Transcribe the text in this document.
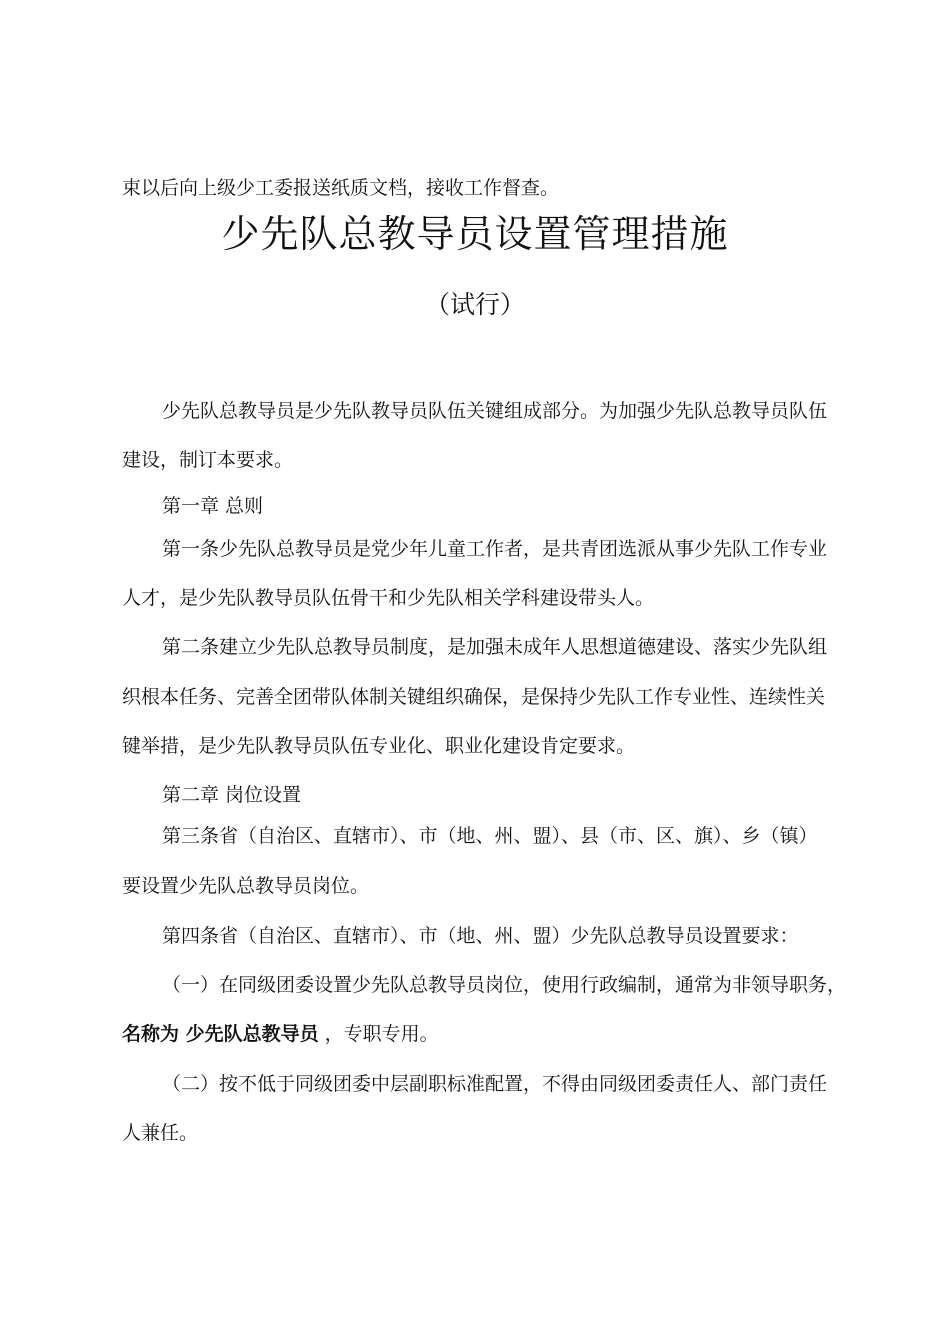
束以后向上级少工委报送纸质文档，接收工作督查。
少先队总教导员设置管理措施
（试行）
少先队总教导员是少先队教导员队伍关键组成部分。为加强少先队总教导员队伍
建设，制订本要求。
第一章 总则
第一条少先队总教导员是党少年儿童工作者，是共青团选派从事少先队工作专业
人才，是少先队教导员队伍骨干和少先队相关学科建设带头人。
第二条建立少先队总教导员制度，是加强未成年人思想道德建设、落实少先队组
织根本任务、完善全团带队体制关键组织确保，是保持少先队工作专业性、连续性关
键举措，是少先队教导员队伍专业化、职业化建设肯定要求。
第二章 岗位设置
第三条省（自治区、直辖市）、市（地、州、盟）、县（市、区、旗）、乡（镇）
要设置少先队总教导员岗位。
第四条省（自治区、直辖市）、市（地、州、盟）少先队总教导员设置要求：
（一）在同级团委设置少先队总教导员岗位，使用行政编制，通常为非领导职务，
名称为 少先队总教导员 ，专职专用。
（二）按不低于同级团委中层副职标准配置，不得由同级团委责任人、部门责任
人兼任。
